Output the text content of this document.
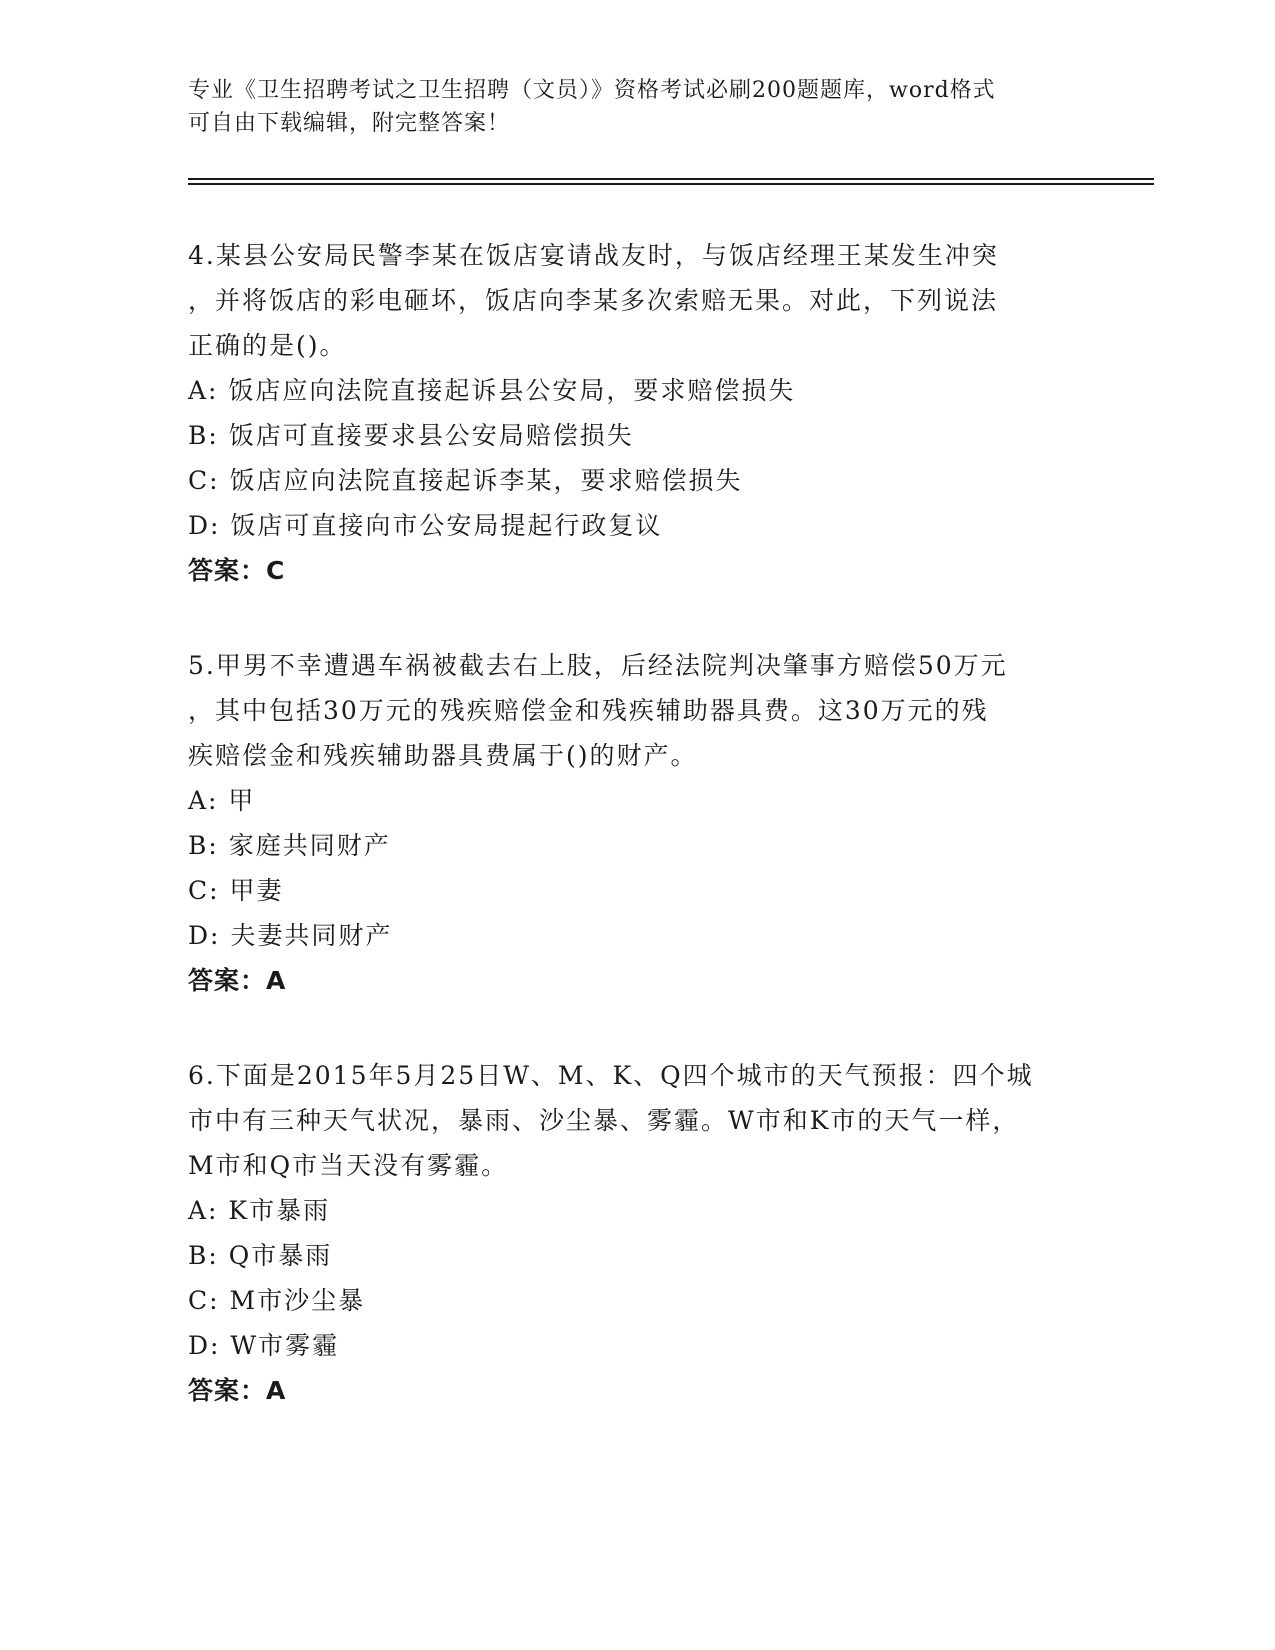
专业《卫生招聘考试之卫生招聘（文员）》资格考试必刷200题题库，word格式
可自由下载编辑，附完整答案！
4.某县公安局民警李某在饭店宴请战友时，与饭店经理王某发生冲突
，并将饭店的彩电砸坏，饭店向李某多次索赔无果。对此，下列说法
正确的是()。
A: 饭店应向法院直接起诉县公安局，要求赔偿损失
B: 饭店可直接要求县公安局赔偿损失
C: 饭店应向法院直接起诉李某，要求赔偿损失
D: 饭店可直接向市公安局提起行政复议
答案：C
5.甲男不幸遭遇车祸被截去右上肢，后经法院判决肇事方赔偿50万元
，其中包括30万元的残疾赔偿金和残疾辅助器具费。这30万元的残
疾赔偿金和残疾辅助器具费属于()的财产。
A: 甲
B: 家庭共同财产
C: 甲妻
D: 夫妻共同财产
答案：A
6.下面是2015年5月25日W、M、K、Q四个城市的天气预报：四个城
市中有三种天气状况，暴雨、沙尘暴、雾霾。W市和K市的天气一样，
M市和Q市当天没有雾霾。
A: K市暴雨
B: Q市暴雨
C: M市沙尘暴
D: W市雾霾
答案：A
